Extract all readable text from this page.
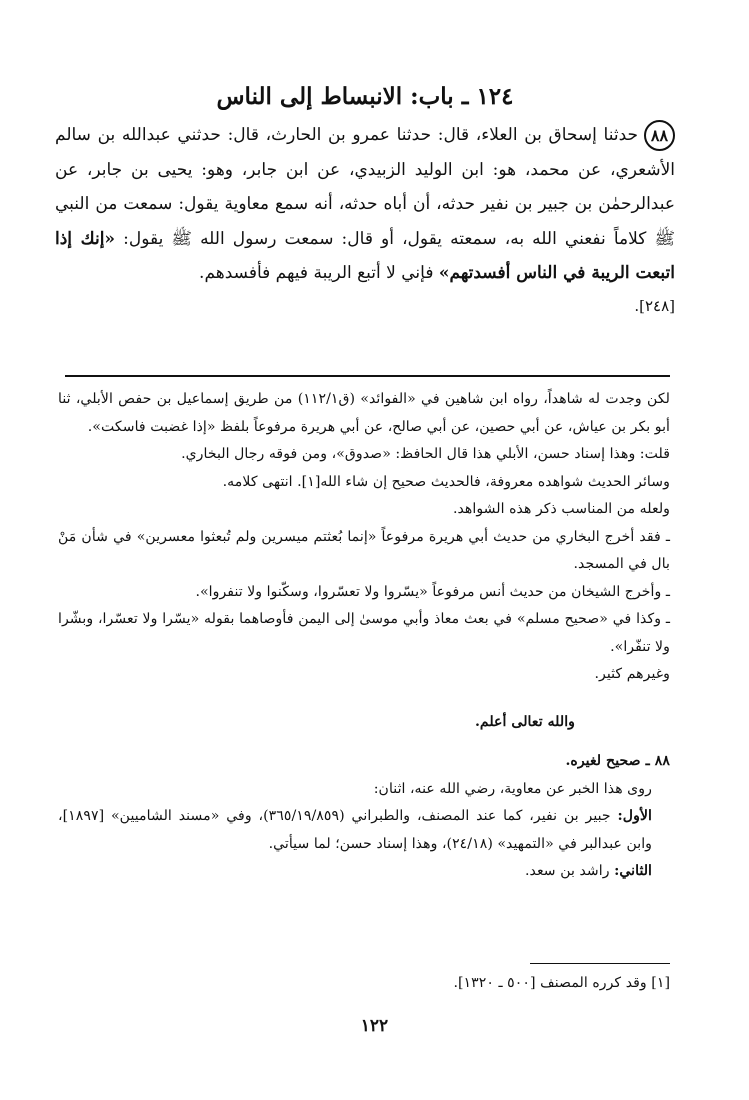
١٢٤ ـ باب: الانبساط إلى الناس
٨٨حدثنا إسحاق بن العلاء، قال: حدثنا عمرو بن الحارث، قال: حدثني عبدالله بن سالم الأشعري، عن محمد، هو: ابن الوليد الزبيدي، عن ابن جابر، وهو: يحيى بن جابر، عن عبدالرحمٰن بن جبير بن نفير حدثه، أن أباه حدثه، أنه سمع معاوية يقول: سمعت من النبي ﷺ كلاماً نفعني الله به، سمعته يقول، أو قال: سمعت رسول الله ﷺ يقول: «إنك إذا اتبعت الريبة في الناس أفسدتهم» فإني لا أتبع الريبة فيهم فأفسدهم.
[٢٤٨].

لكن وجدت له شاهداً، رواه ابن شاهين في «الفوائد» (ق١١٢/١) من طريق إسماعيل بن حفص الأبلي، ثنا أبو بكر بن عياش، عن أبي حصين، عن أبي صالح، عن أبي هريرة مرفوعاً بلفظ «إذا غضبت فاسكت».

قلت: وهذا إسناد حسن، الأبلي هذا قال الحافظ: «صدوق»، ومن فوقه رجال البخاري.

وسائر الحديث شواهده معروفة، فالحديث صحيح إن شاء الله[١]. انتهى كلامه.

ولعله من المناسب ذكر هذه الشواهد.

ـ فقد أخرج البخاري من حديث أبي هريرة مرفوعاً «إنما بُعثتم ميسرين ولم تُبعثوا معسرين» في شأن مَنْ بال في المسجد.

ـ وأخرج الشيخان من حديث أنس مرفوعاً «يسّروا ولا تعسّروا، وسكّنوا ولا تنفروا».

ـ وكذا في «صحيح مسلم» في بعث معاذ وأبي موسىٰ إلى اليمن فأوصاهما بقوله «يسّرا ولا تعسّرا، وبشّرا ولا تنفّرا».

وغيرهم كثير.

والله تعالى أعلم.

٨٨ ـ صحيح لغيره.

روى هذا الخبر عن معاوية، رضي الله عنه، اثنان:

الأول: جبير بن نفير، كما عند المصنف، والطبراني (٣٦٥/١٩/٨٥٩)، وفي «مسند الشاميين» [١٨٩٧]، وابن عبدالبر في «التمهيد» (٢٤/١٨)، وهذا إسناد حسن؛ لما سيأتي.

الثاني: راشد بن سعد.

[١] وقد كرره المصنف [٥٠٠ ـ ١٣٢٠].
١٢٢
